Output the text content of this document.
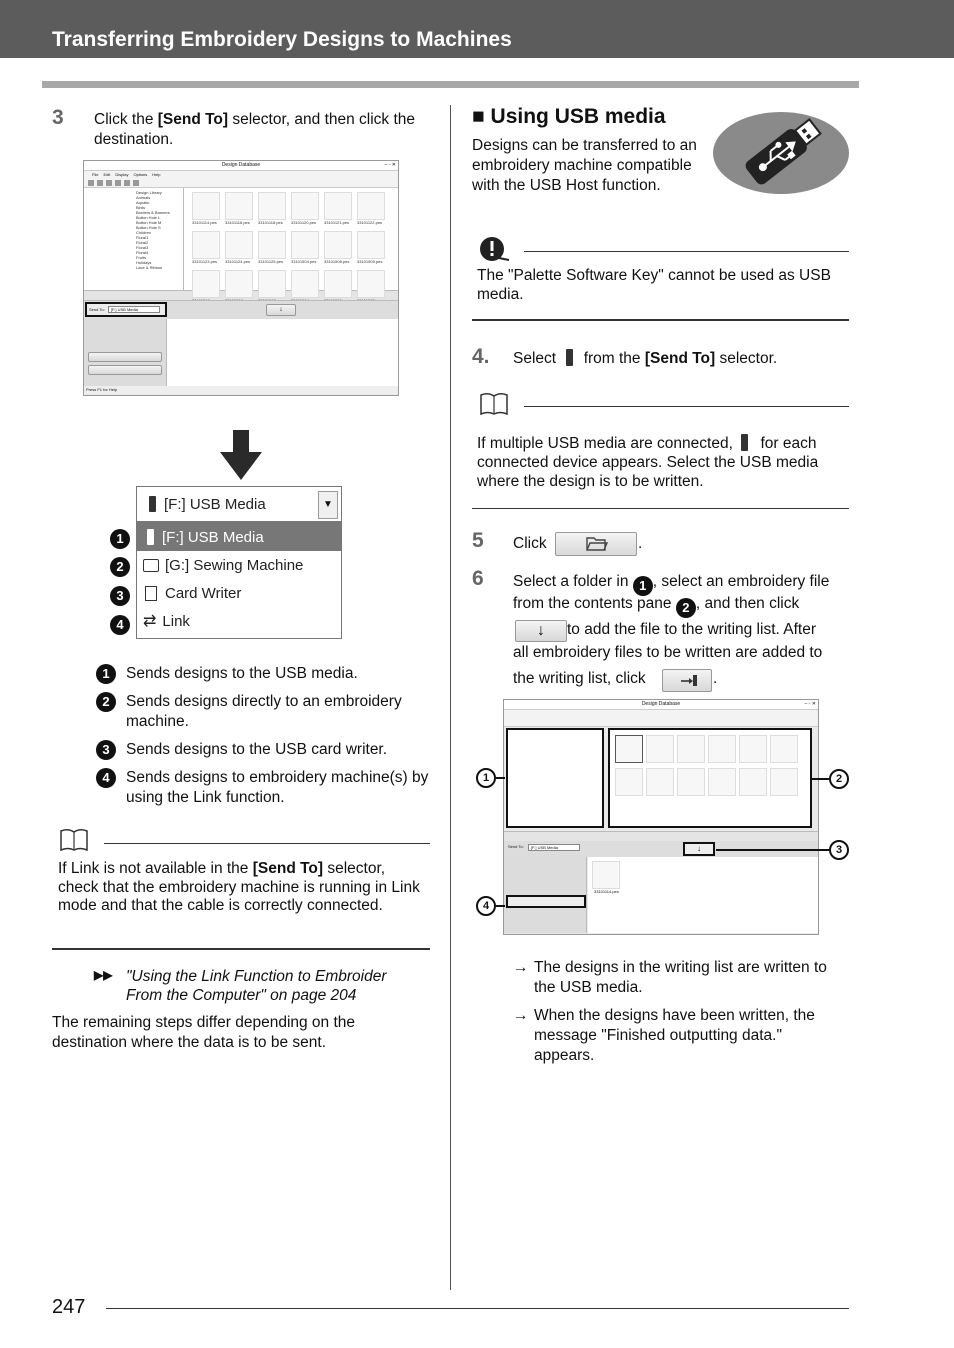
Transferring Embroidery Designs to Machines
3 Click the [Send To] selector, and then click the destination.
Design Database	– ▫ ✕
File Edit Display Options Help
Design Library
Animals
Aquatic
Birds
Borders & Banners
Button Hole L
Button Hole M
Button Hole S
Children
Floral1
Floral2
Floral3
Floral4
Fruits
Holidays
Lace & Ribbon
33101114.pes	33101116.pes	33101118.pes	33101120.pes	33101121.pes	33101122.pes
33101123.pes	33101124.pes	33101125.pes	33101504.pes	33101508.pes	33101509.pes
Send To:	[F:] USB Media	↓
Press F1 for Help
[F:] USB Media	▼
[F:] USB Media
[G:] Sewing Machine
Card Writer
⇄ Link
1
2
3
4
1	Sends designs to the USB media.
2	Sends designs directly to an embroidery machine.
3	Sends designs to the USB card writer.
4	Sends designs to embroidery machine(s) by using the Link function.
If Link is not available in the [Send To] selector, check that the embroidery machine is running in Link mode and that the cable is correctly connected.
▶▶ "Using the Link Function to Embroider From the Computer" on page 204
The remaining steps differ depending on the destination where the data is to be sent.
■ Using USB media
Designs can be transferred to an embroidery machine compatible with the USB Host function.
The "Palette Software Key" cannot be used as USB media.
4. Select  from the [Send To] selector.
If multiple USB media are connected,  for each connected device appears. Select the USB media where the design is to be written.
5 Click	.
6 Select a folder in 1 , select an embroidery file
from the contents pane 2 , and then click
↓	to add the file to the writing list. After
all embroidery files to be written are added to
the writing list, click	.
Design Database	– ▫ ✕
Send To:	[F:] USB Media	↓
33101114.pes
1	2
3
4
→ The designs in the writing list are written to the USB media.
→ When the designs have been written, the message "Finished outputting data." appears.
247
